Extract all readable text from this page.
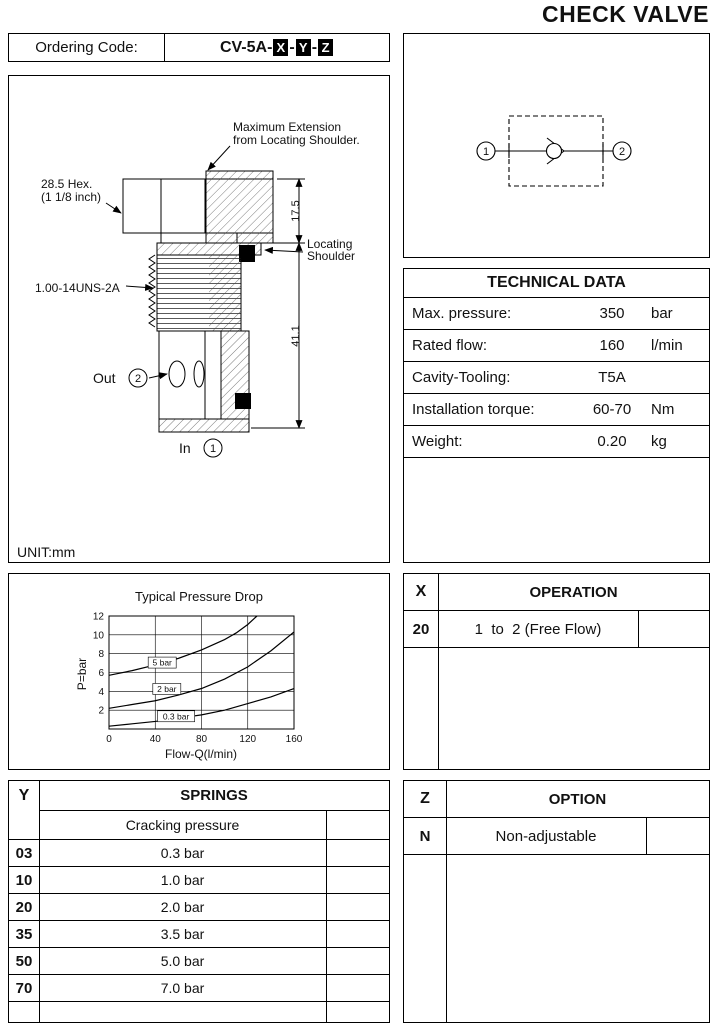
CHECK VALVE
Ordering Code:	CV-5A- X - Y - Z
Maximum Extension
from Locating Shoulder.
28.5 Hex.
(1 1/8 inch)
1.00-14UNS-2A
Locating
Shoulder
17.5
41.1
Out 2
In 1
UNIT:mm
1	2
TECHNICAL DATA
Max. pressure:	350	bar
Rated flow:	160	l/min
Cavity-Tooling:	T5A
Installation torque:	60-70	Nm
Weight:	0.20	kg
Typical Pressure Drop
P=bar
Flow-Q(l/min)
0	40	80	120	160
2
4
6
8
10
12
5 bar
2 bar
0.3 bar
X	OPERATION
20	1  to  2 (Free Flow)
Y	SPRINGS
Cracking pressure
03	0.3 bar
10	1.0 bar
20	2.0 bar
35	3.5 bar
50	5.0 bar
70	7.0 bar
Z	OPTION
N	Non-adjustable
